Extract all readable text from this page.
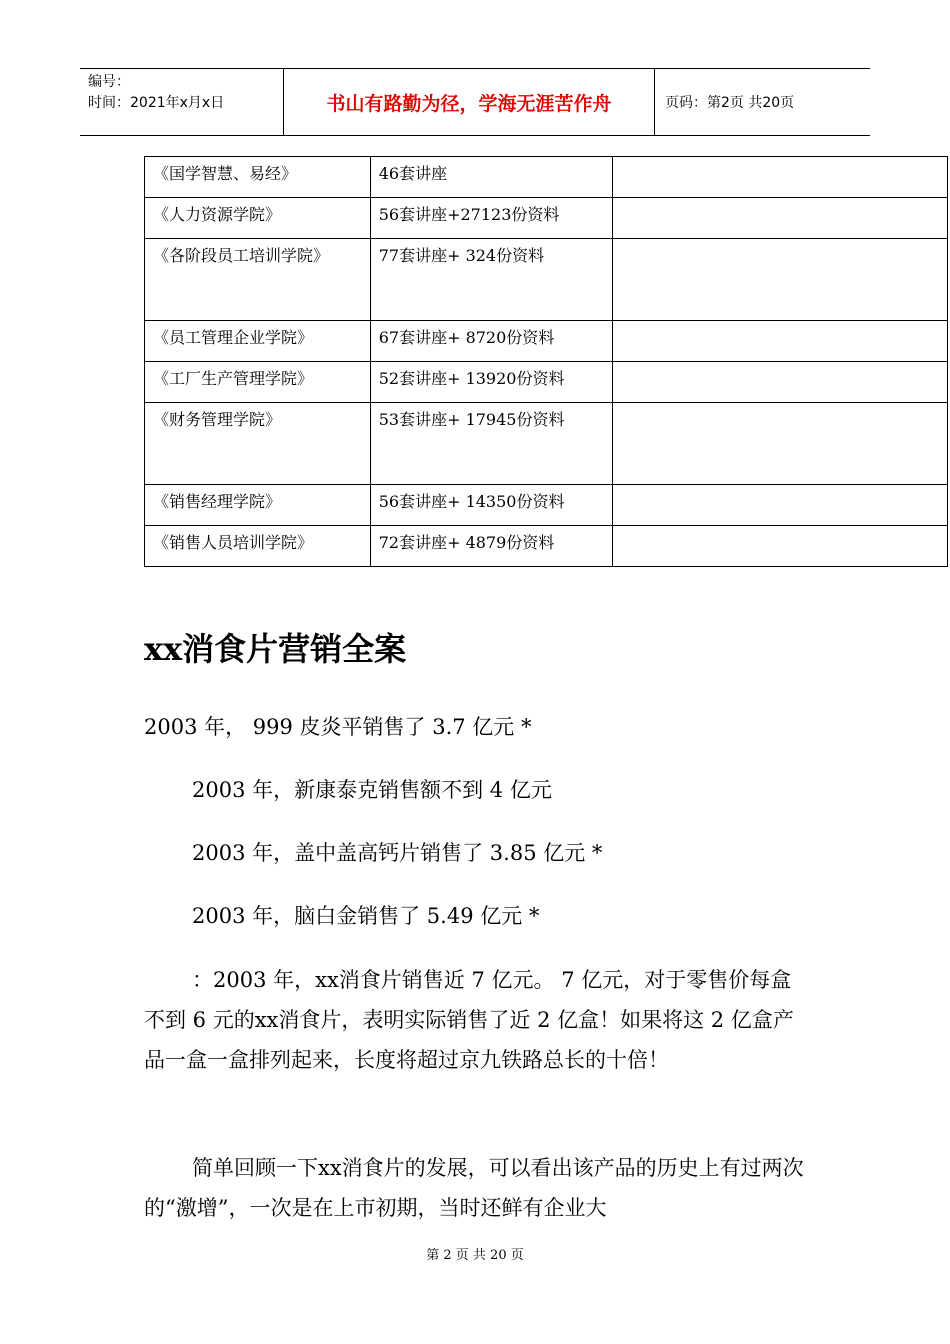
编号：
时间：2021年x月x日	书山有路勤为径，学海无涯苦作舟	页码：第2页 共20页
《国学智慧、易经》	46套讲座	

《人力资源学院》	56套讲座+27123份资料	

《各阶段员工培训学院》	77套讲座+ 324份资料	

《员工管理企业学院》	67套讲座+ 8720份资料	

《工厂生产管理学院》	52套讲座+ 13920份资料	

《财务管理学院》	53套讲座+ 17945份资料	

《销售经理学院》	56套讲座+ 14350份资料	

《销售人员培训学院》	72套讲座+ 4879份资料	

xx消食片营销全案

2003 年， 999 皮炎平销售了 3.7 亿元 *

2003 年，新康泰克销售额不到 4 亿元

2003 年，盖中盖高钙片销售了 3.85 亿元 *

2003 年，脑白金销售了 5.49 亿元 *

：2003 年，xx消食片销售近 7 亿元。 7 亿元，对于零售价每盒不到 6 元的xx消食片，表明实际销售了近 2 亿盒！如果将这 2 亿盒产品一盒一盒排列起来，长度将超过京九铁路总长的十倍！

简单回顾一下xx消食片的发展，可以看出该产品的历史上有过两次的“激增”，一次是在上市初期，当时还鲜有企业大

第 2 页 共 20 页
